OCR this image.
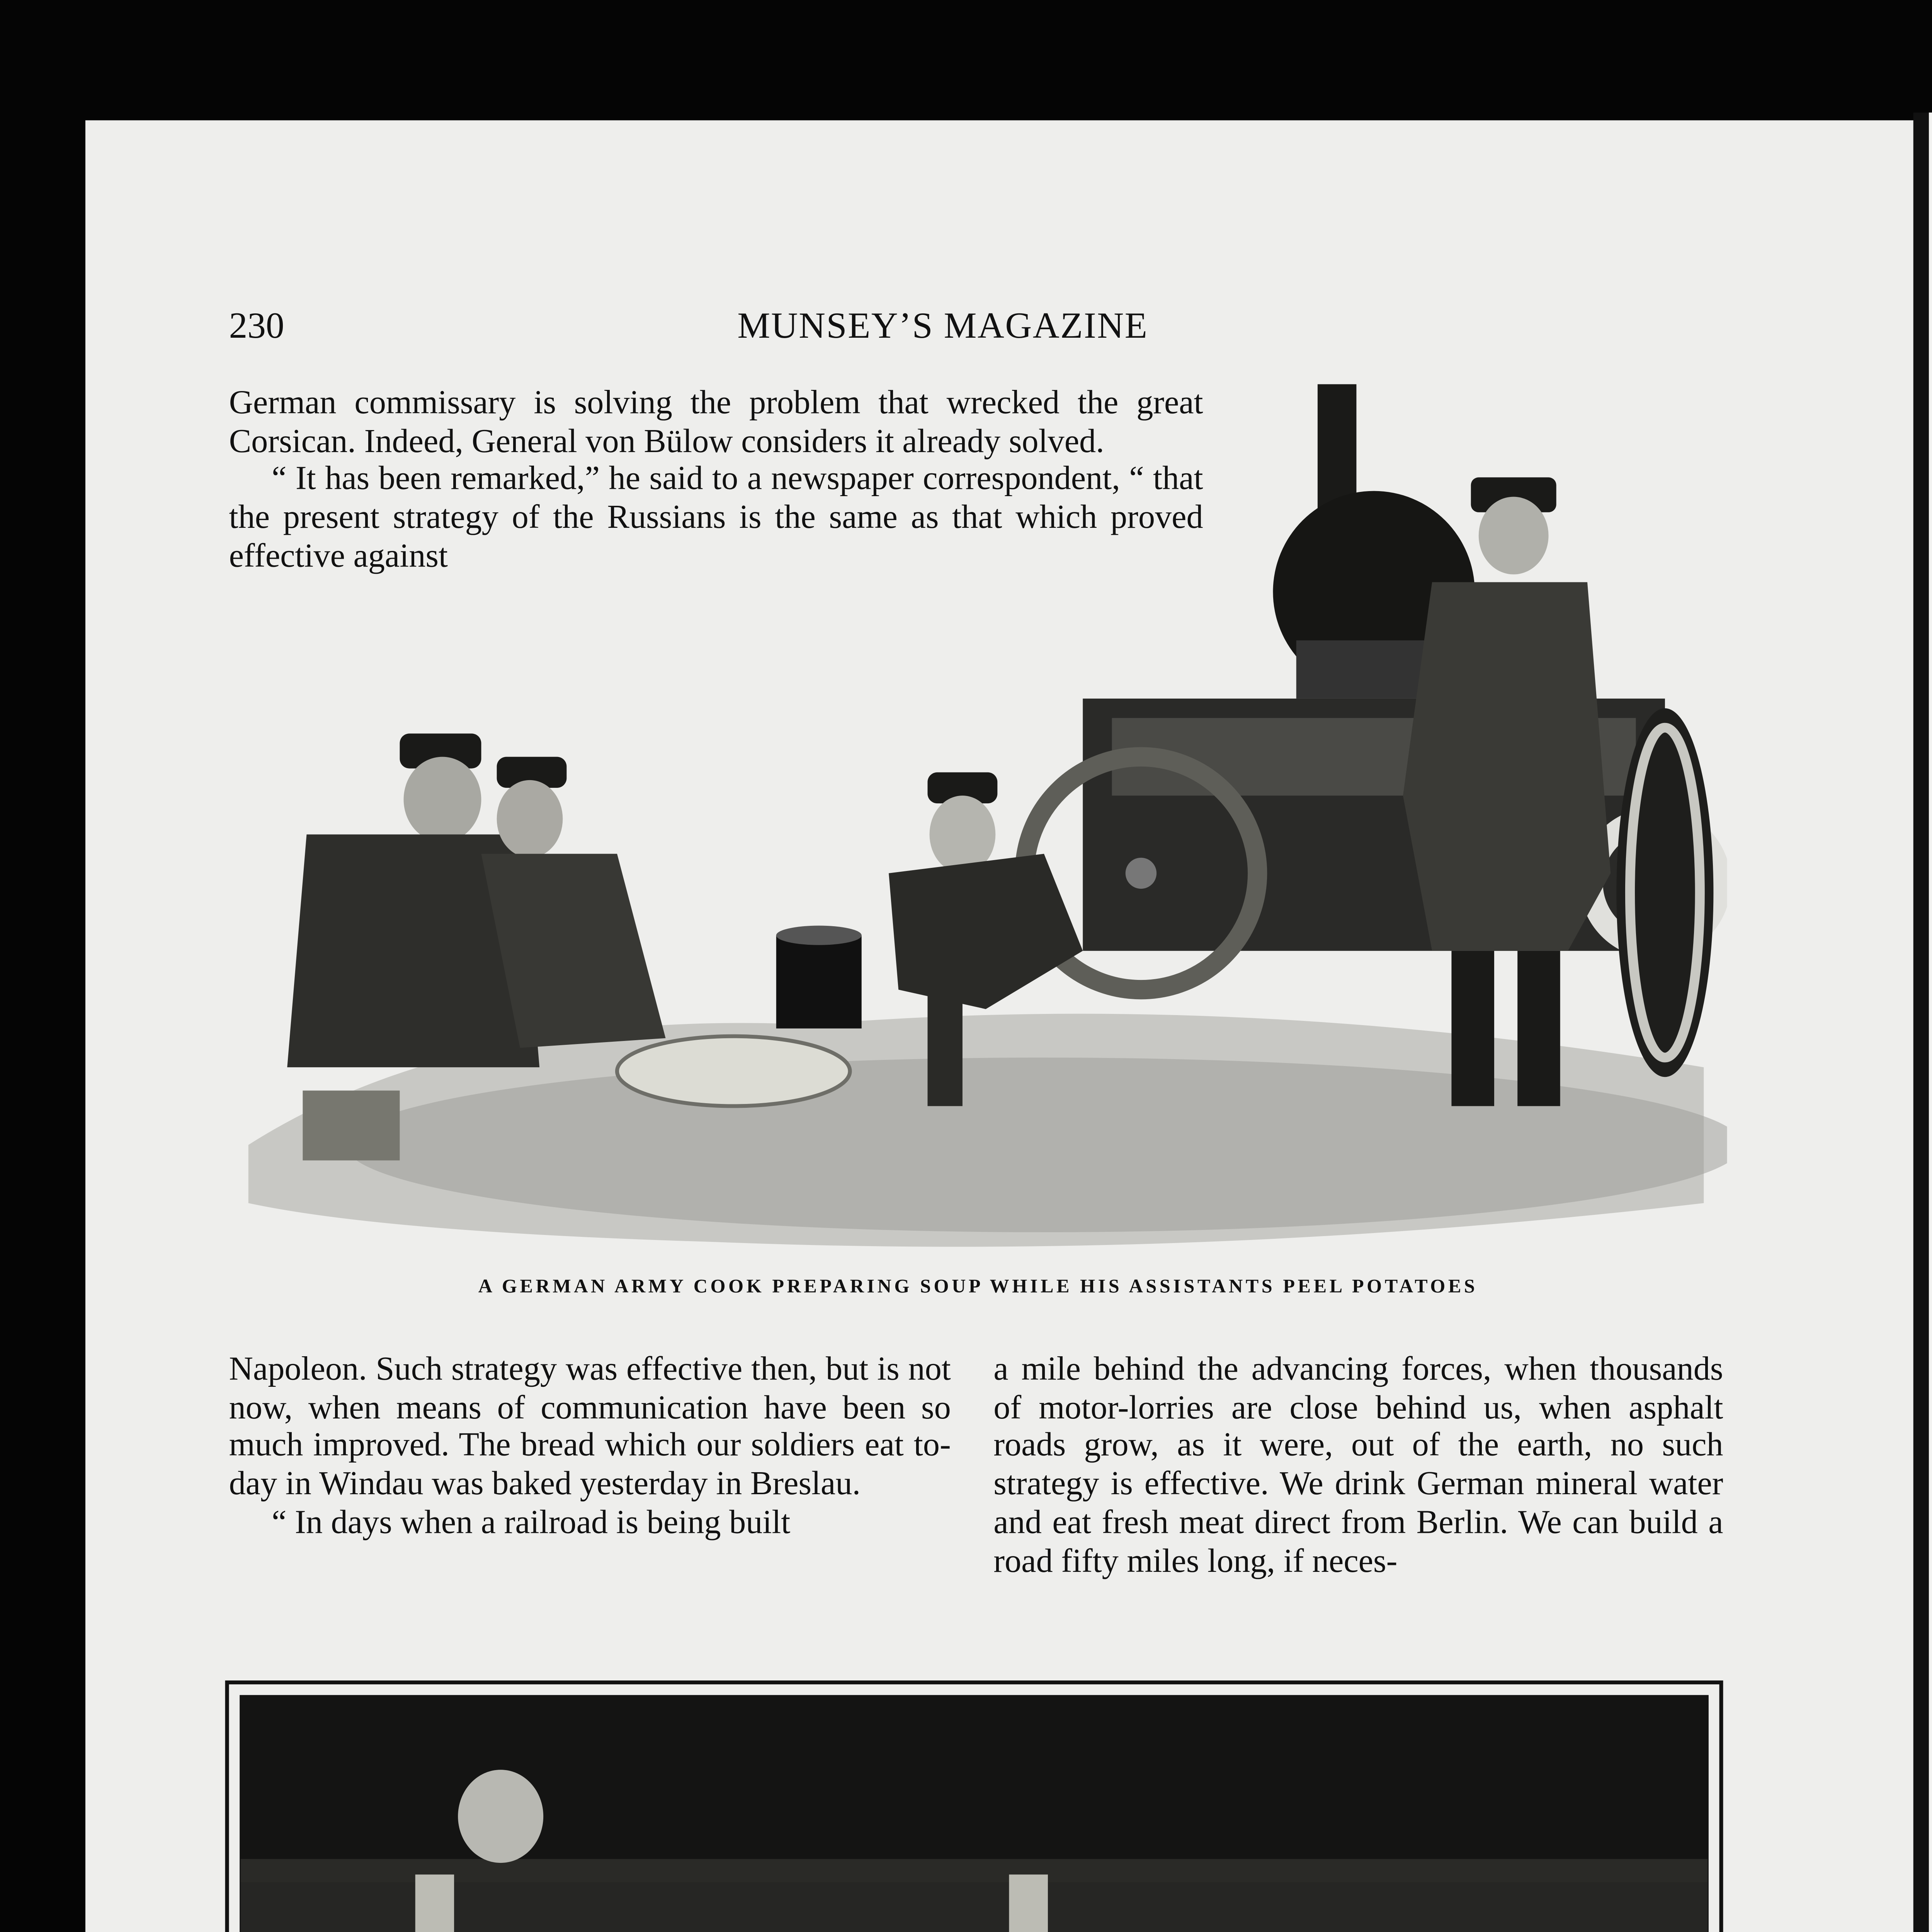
230	MUNSEY’S MAGAZINE

German commissary is solving the problem that wrecked the great Corsican. Indeed, General von Bülow considers it already solved.

“ It has been remarked,” he said to a newspaper correspondent, “ that the present strategy of the Russians is the same as that which proved effective against

A GERMAN ARMY COOK PREPARING SOUP WHILE HIS ASSISTANTS PEEL POTATOES

Napoleon. Such strategy was effective then, but is not now, when means of communication have been so much improved. The bread which our soldiers eat to-day in Windau was baked yesterday in Breslau.

“ In days when a railroad is being built

a mile behind the advancing forces, when thousands of motor-lorries are close behind us, when asphalt roads grow, as it were, out of the earth, no such strategy is effective. We drink German mineral water and eat fresh meat direct from Berlin. We can build a road fifty miles long, if neces-
